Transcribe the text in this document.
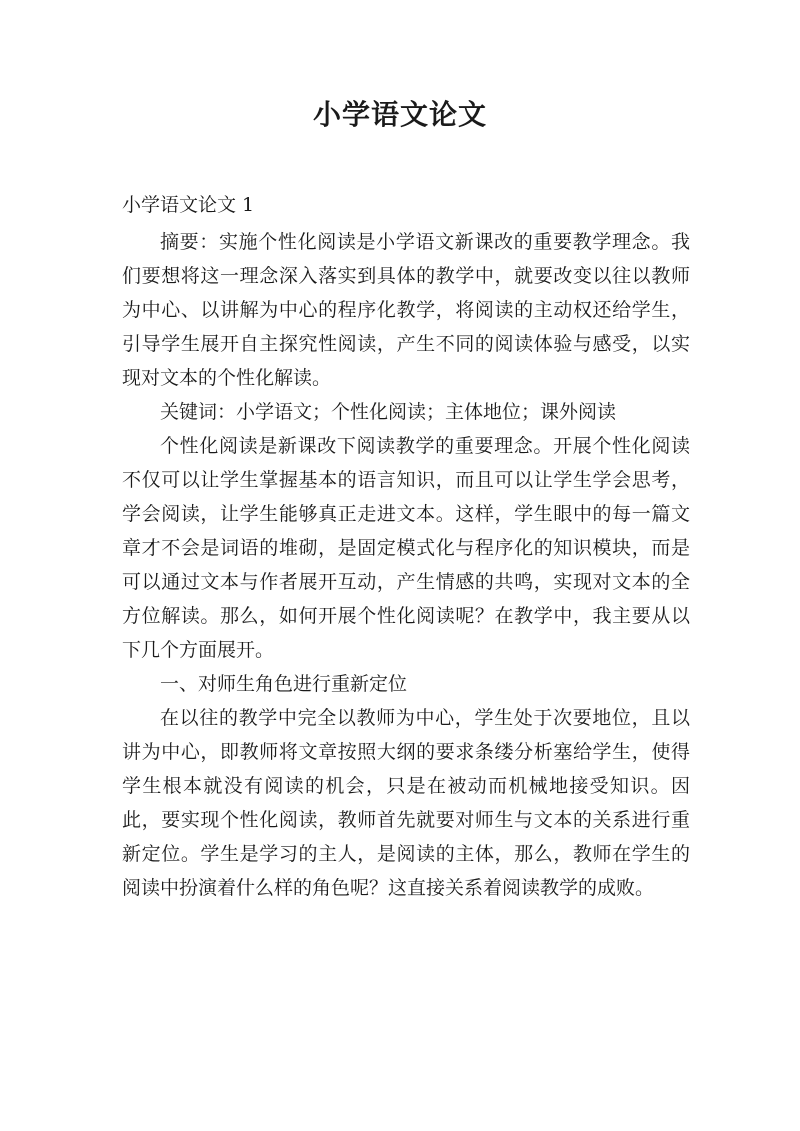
小学语文论文

小学语文论文 1

摘要：实施个性化阅读是小学语文新课改的重要教学理念。我们要想将这一理念深入落实到具体的教学中，就要改变以往以教师为中心、以讲解为中心的程序化教学，将阅读的主动权还给学生，引导学生展开自主探究性阅读，产生不同的阅读体验与感受，以实现对文本的个性化解读。

关键词：小学语文；个性化阅读；主体地位；课外阅读

个性化阅读是新课改下阅读教学的重要理念。开展个性化阅读不仅可以让学生掌握基本的语言知识，而且可以让学生学会思考，学会阅读，让学生能够真正走进文本。这样，学生眼中的每一篇文章才不会是词语的堆砌，是固定模式化与程序化的知识模块，而是可以通过文本与作者展开互动，产生情感的共鸣，实现对文本的全方位解读。那么，如何开展个性化阅读呢？在教学中，我主要从以下几个方面展开。

一、对师生角色进行重新定位

在以往的教学中完全以教师为中心，学生处于次要地位，且以讲为中心，即教师将文章按照大纲的要求条缕分析塞给学生，使得学生根本就没有阅读的机会，只是在被动而机械地接受知识。因此，要实现个性化阅读，教师首先就要对师生与文本的关系进行重新定位。学生是学习的主人，是阅读的主体，那么，教师在学生的阅读中扮演着什么样的角色呢？这直接关系着阅读教学的成败。
